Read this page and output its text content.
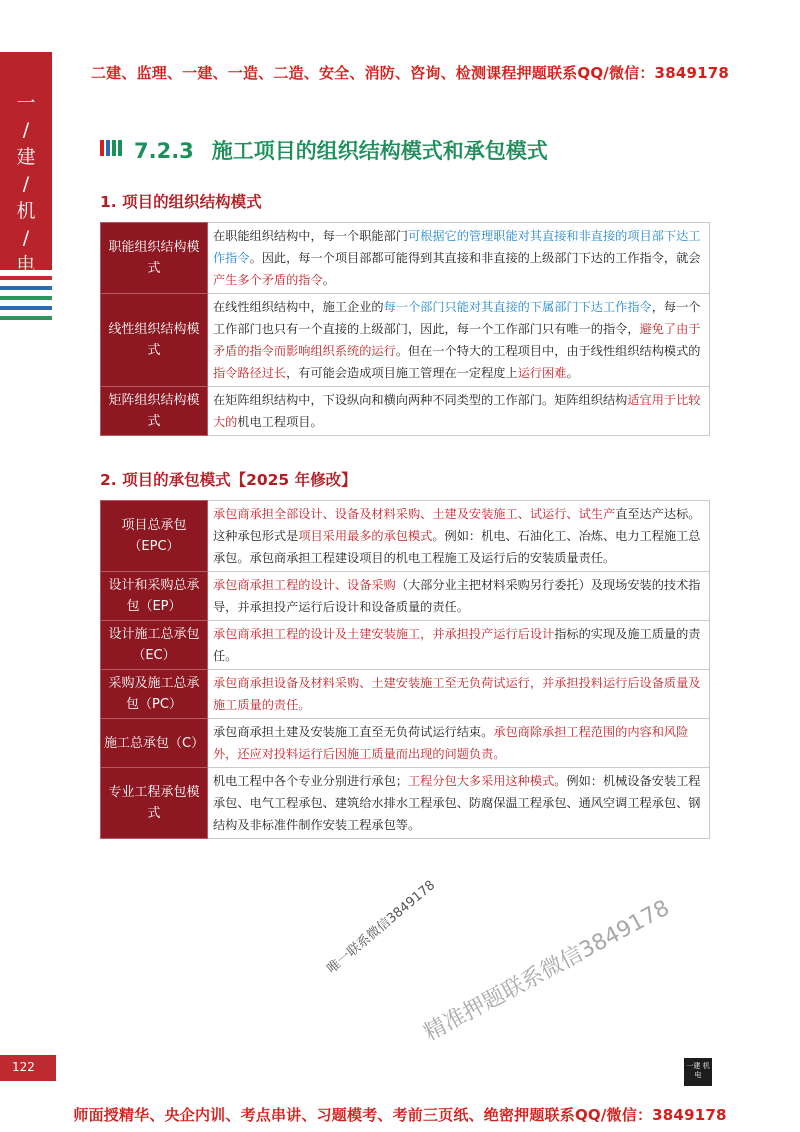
二建、监理、一建、一造、二造、安全、消防、咨询、检测课程押题联系QQ/微信：3849178
一
/
建
/
机
/
电
7.2.3 施工项目的组织结构模式和承包模式
1. 项目的组织结构模式
职能组织结构模式	在职能组织结构中，每一个职能部门可根据它的管理职能对其直接和非直接的项目部下达工作指令。因此，每一个项目部都可能得到其直接和非直接的上级部门下达的工作指令，就会产生多个矛盾的指令。
线性组织结构模式	在线性组织结构中，施工企业的每一个部门只能对其直接的下属部门下达工作指令，每一个工作部门也只有一个直接的上级部门，因此，每一个工作部门只有唯一的指令，避免了由于矛盾的指令而影响组织系统的运行。但在一个特大的工程项目中，由于线性组织结构模式的指令路径过长，有可能会造成项目施工管理在一定程度上运行困难。
矩阵组织结构模式	在矩阵组织结构中，下设纵向和横向两种不同类型的工作部门。矩阵组织结构适宜用于比较大的机电工程项目。
2. 项目的承包模式【2025 年修改】
项目总承包（EPC）	承包商承担全部设计、设备及材料采购、土建及安装施工、试运行、试生产直至达产达标。这种承包形式是项目采用最多的承包模式。例如：机电、石油化工、冶炼、电力工程施工总承包。承包商承担工程建设项目的机电工程施工及运行后的安装质量责任。
设计和采购总承包（EP）	承包商承担工程的设计、设备采购（大部分业主把材料采购另行委托）及现场安装的技术指导，并承担投产运行后设计和设备质量的责任。
设计施工总承包（EC）	承包商承担工程的设计及土建安装施工，并承担投产运行后设计指标的实现及施工质量的责任。
采购及施工总承包（PC）	承包商承担设备及材料采购、土建安装施工至无负荷试运行，并承担投料运行后设备质量及施工质量的责任。
施工总承包（C）	承包商承担土建及安装施工直至无负荷试运行结束。承包商除承担工程范围的内容和风险外，还应对投料运行后因施工质量而出现的问题负责。
专业工程承包模式	机电工程中各个专业分别进行承包；工程分包大多采用这种模式。例如：机械设备安装工程承包、电气工程承包、建筑给水排水工程承包、防腐保温工程承包、通风空调工程承包、钢结构及非标准件制作安装工程承包等。
唯一联系微信3849178
精准押题联系微信3849178
122	一建 机电
师面授精华、央企内训、考点串讲、习题模考、考前三页纸、绝密押题联系QQ/微信：3849178
